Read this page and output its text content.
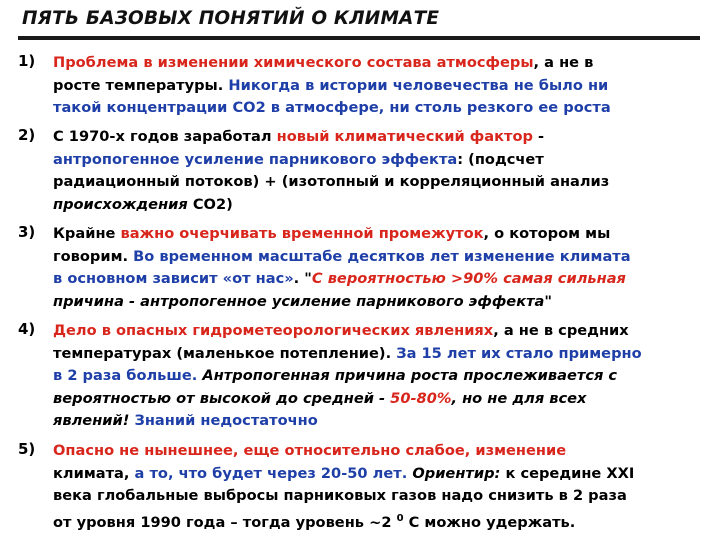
ПЯТЬ БАЗОВЫХ ПОНЯТИЙ О КЛИМАТЕ
1) Проблема в изменении химического состава атмосферы, а не в
росте температуры. Никогда в истории человечества не было ни
такой концентрации СО2 в атмосфере, ни столь резкого ее роста
2) С 1970-х годов заработал новый климатический фактор -
антропогенное усиление парникового эффекта: (подсчет
радиационный потоков) + (изотопный и корреляционный анализ
происхождения СО2)
3) Крайне важно очерчивать временной промежуток, о котором мы
говорим. Во временном масштабе десятков лет изменение климата
в основном зависит «от нас». "С вероятностью >90% самая сильная
причина - антропогенное усиление парникового эффекта"
4) Дело в опасных гидрометеорологических явлениях, а не в средних
температурах (маленькое потепление). За 15 лет их стало примерно
в 2 раза больше. Антропогенная причина роста прослеживается с
вероятностью от высокой до средней - 50-80%, но не для всех
явлений! Знаний недостаточно
5) Опасно не нынешнее, еще относительно слабое, изменение
климата, а то, что будет через 20-50 лет. Ориентир: к середине XXI
века глобальные выбросы парниковых газов надо снизить в 2 раза
от уровня 1990 года – тогда уровень ~2 $^0$ С можно удержать.
